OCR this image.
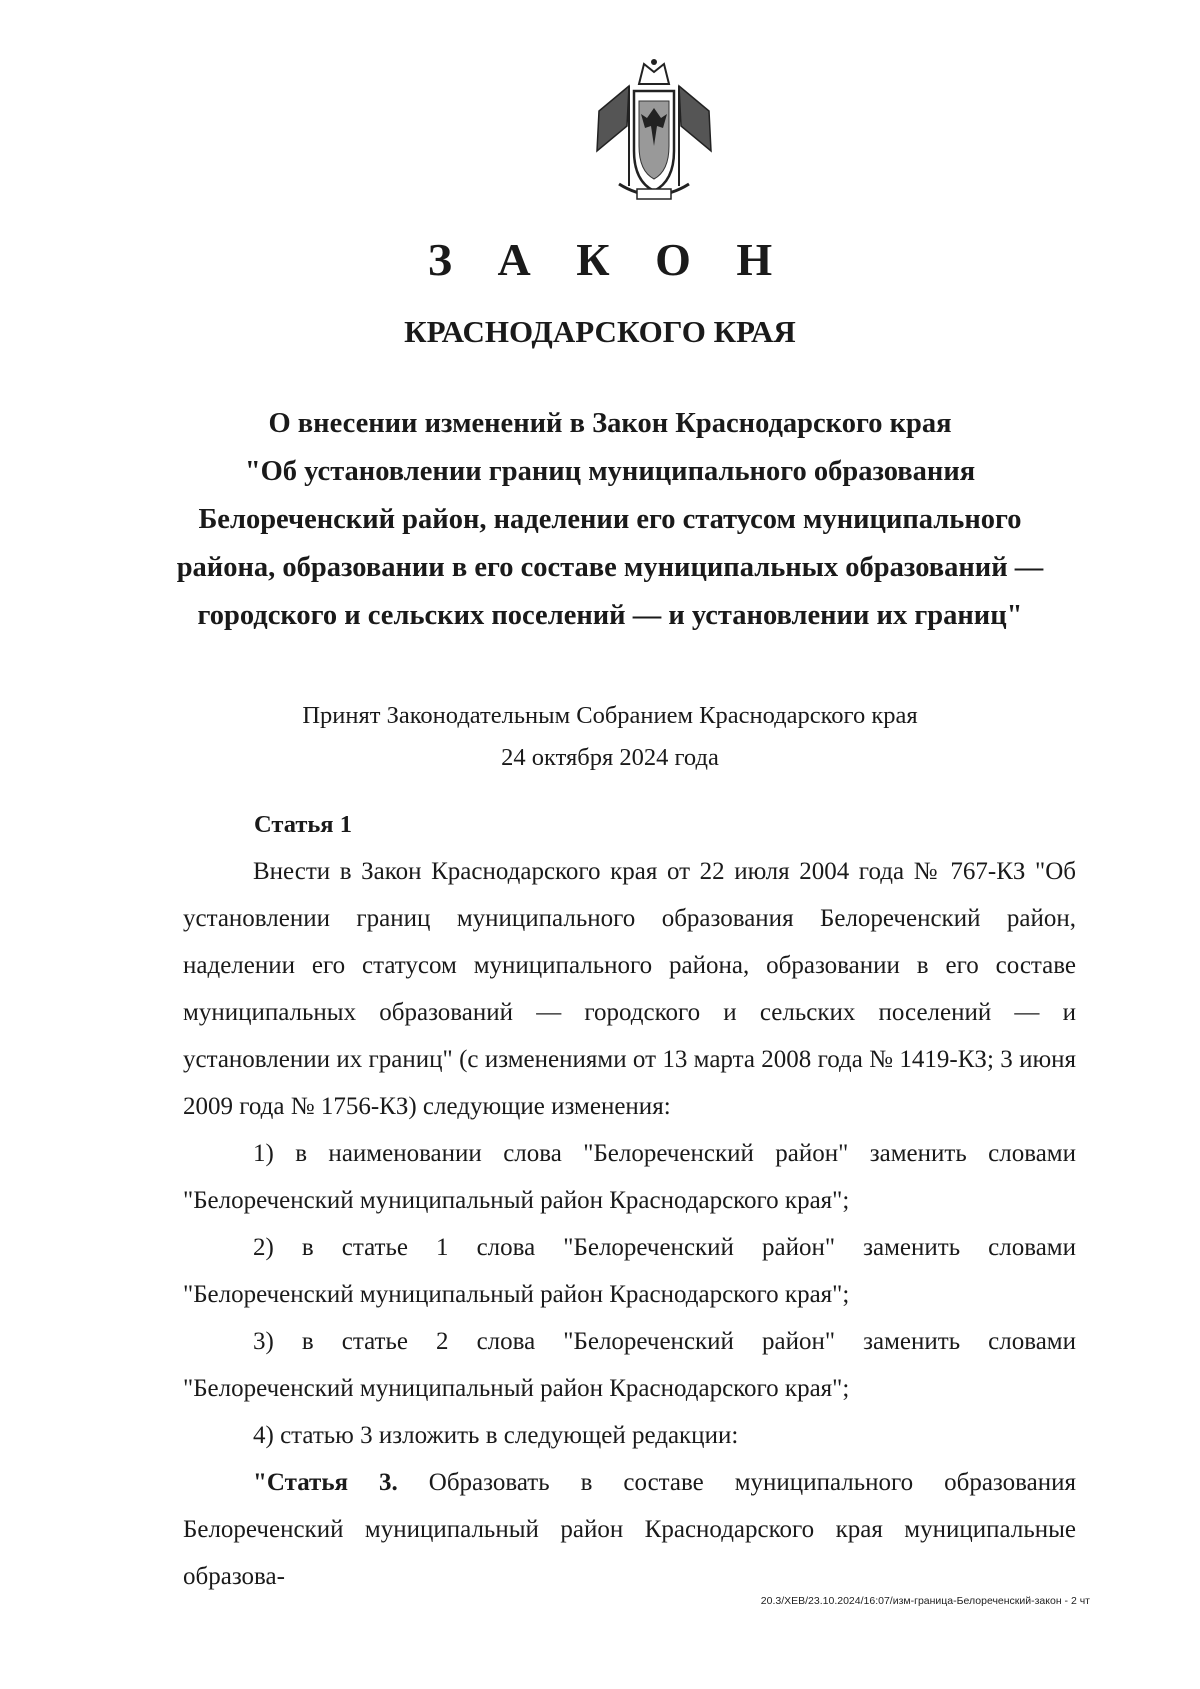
З А К О Н
КРАСНОДАРСКОГО КРАЯ
О внесении изменений в Закон Краснодарского края
"Об установлении границ муниципального образования
Белореченский район, наделении его статусом муниципального
района, образовании в его составе муниципальных образований —
городского и сельских поселений — и установлении их границ"
Принят Законодательным Собранием Краснодарского края
24 октября 2024 года
Статья 1

Внести в Закон Краснодарского края от 22 июля 2004 года № 767-КЗ "Об установлении границ муниципального образования Белореченский район, наделении его статусом муниципального района, образовании в его составе муниципальных образований — городского и сельских поселений — и установлении их границ" (с изменениями от 13 марта 2008 года № 1419-КЗ; 3 июня 2009 года № 1756-КЗ) следующие изменения:

1) в наименовании слова "Белореченский район" заменить словами "Белореченский муниципальный район Краснодарского края";

2) в статье 1 слова "Белореченский район" заменить словами "Белореченский муниципальный район Краснодарского края";

3) в статье 2 слова "Белореченский район" заменить словами "Белореченский муниципальный район Краснодарского края";

4) статью 3 изложить в следующей редакции:

"Статья 3. Образовать в составе муниципального образования Белореченский муниципальный район Краснодарского края муниципальные образова-

20.3/ХЕВ/23.10.2024/16:07/изм-граница-Белореченский-закон - 2 чт
